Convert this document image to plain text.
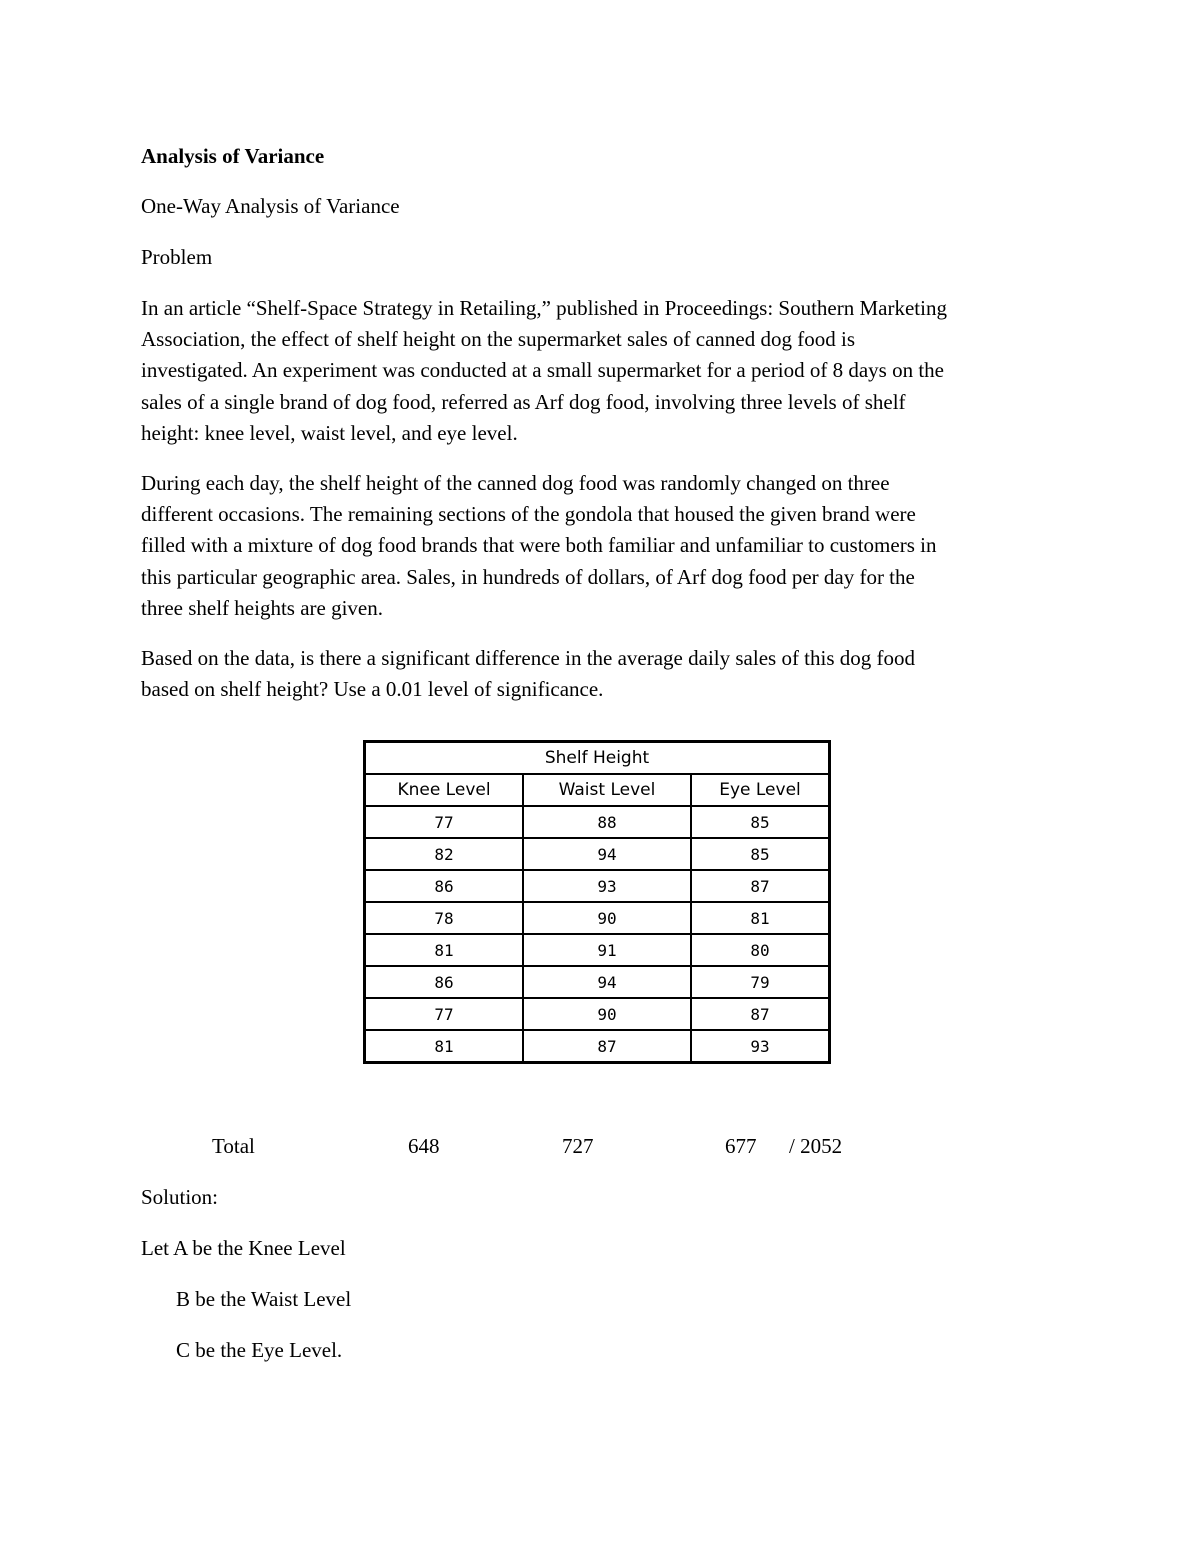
Analysis of Variance
One-Way Analysis of Variance
Problem
In an article “Shelf-Space Strategy in Retailing,” published in Proceedings: Southern Marketing
Association, the effect of shelf height on the supermarket sales of canned dog food is
investigated. An experiment was conducted at a small supermarket for a period of 8 days on the
sales of a single brand of dog food, referred as Arf dog food, involving three levels of shelf
height: knee level, waist level, and eye level.
During each day, the shelf height of the canned dog food was randomly changed on three
different occasions. The remaining sections of the gondola that housed the given brand were
filled with a mixture of dog food brands that were both familiar and unfamiliar to customers in
this particular geographic area. Sales, in hundreds of dollars, of Arf dog food per day for the
three shelf heights are given.
Based on the data, is there a significant difference in the average daily sales of this dog food
based on shelf height? Use a 0.01 level of significance.
Shelf Height		
Knee Level	Waist Level	Eye Level
77	88	85
82	94	85
86	93	87
78	90	81
81	91	80
86	94	79
77	90	87
81	87	93
Total	648	727	677 / 2052
Solution:
Let A be the Knee Level
B be the Waist Level
C be the Eye Level.
